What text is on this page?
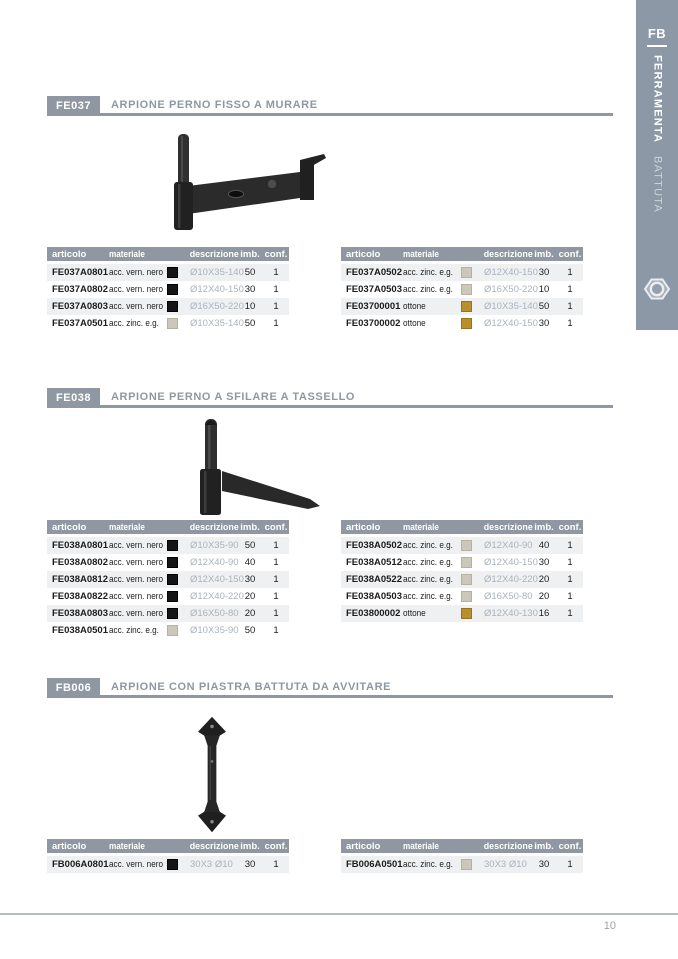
FB
FERRAMENTA   BATTUTA
FE037	ARPIONE PERNO FISSO A MURARE
articolo	materiale	descrizione imb. conf.
FE037A0801 acc. vern. nero	Ø10X35-140 50	1
FE037A0802 acc. vern. nero	Ø12X40-150 30	1
FE037A0803 acc. vern. nero	Ø16X50-220 10	1
FE037A0501 acc. zinc. e.g.	Ø10X35-140 50	1
articolo	materiale	descrizione imb. conf.
FE037A0502 acc. zinc. e.g.	Ø12X40-150 30	1
FE037A0503 acc. zinc. e.g.	Ø16X50-220 10	1
FE03700001 ottone	Ø10X35-140 50	1
FE03700002 ottone	Ø12X40-150 30	1
FE038	ARPIONE PERNO A SFILARE A TASSELLO
articolo	materiale	descrizione imb. conf.
FE038A0801 acc. vern. nero	Ø10X35-90 50	1
FE038A0802 acc. vern. nero	Ø12X40-90 40	1
FE038A0812 acc. vern. nero	Ø12X40-150 30	1
FE038A0822 acc. vern. nero	Ø12X40-220 20	1
FE038A0803 acc. vern. nero	Ø16X50-80 20	1
FE038A0501 acc. zinc. e.g.	Ø10X35-90 50	1
articolo	materiale	descrizione imb. conf.
FE038A0502 acc. zinc. e.g.	Ø12X40-90 40	1
FE038A0512 acc. zinc. e.g.	Ø12X40-150 30	1
FE038A0522 acc. zinc. e.g.	Ø12X40-220 20	1
FE038A0503 acc. zinc. e.g.	Ø16X50-80 20	1
FE03800002 ottone	Ø12X40-130 16	1
FB006	ARPIONE CON PIASTRA BATTUTA DA AVVITARE
articolo	materiale	descrizione imb. conf.
FB006A0801 acc. vern. nero	30X3 Ø10	30	1
articolo	materiale	descrizione imb. conf.
FB006A0501 acc. zinc. e.g.	30X3 Ø10	30	1
10
